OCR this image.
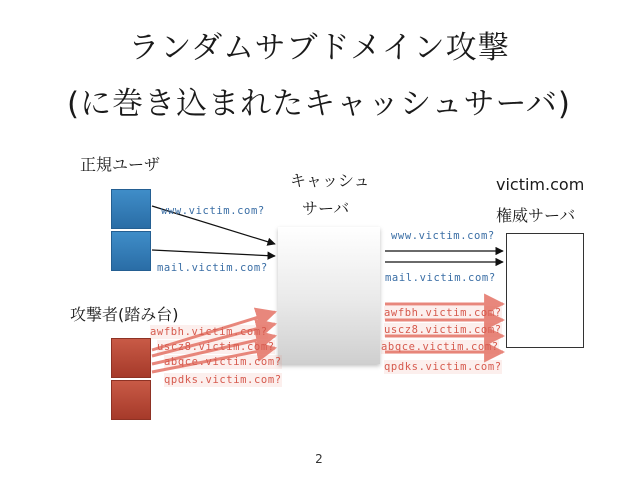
ランダムサブドメイン攻撃
(に巻き込まれたキャッシュサーバ)
正規ユーザ
攻撃者(踏み台)
キャッシュ
サーバ
victim.com
権威サーバ
www.victim.com?
mail.victim.com?
www.victim.com?
mail.victim.com?
awfbh.victim.com?
uscz8.victim.com?
abqce.victim.com?
qpdks.victim.com?
awfbh.victim.com?
uscz8.victim.com?
abqce.victim.com?
qpdks.victim.com?
2
